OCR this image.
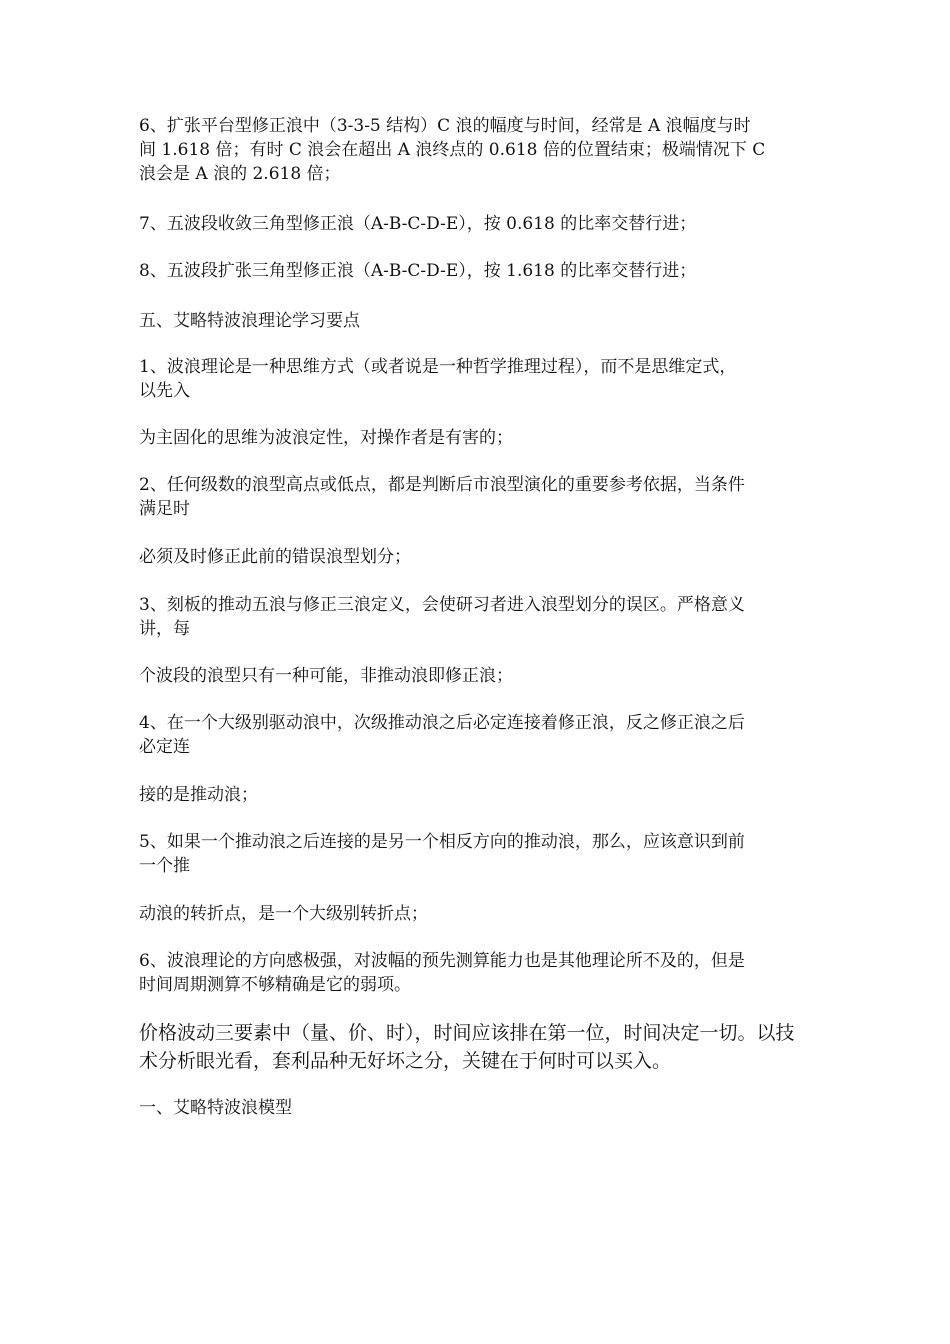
6、扩张平台型修正浪中（3-3-5 结构）C 浪的幅度与时间，经常是 A 浪幅度与时
间 1.618 倍；有时 C 浪会在超出 A 浪终点的 0.618 倍的位置结束；极端情况下 C
浪会是 A 浪的 2.618 倍；

7、五波段收敛三角型修正浪（A-B-C-D-E），按 0.618 的比率交替行进；

8、五波段扩张三角型修正浪（A-B-C-D-E），按 1.618 的比率交替行进；

五、艾略特波浪理论学习要点

1、波浪理论是一种思维方式（或者说是一种哲学推理过程），而不是思维定式，
以先入

为主固化的思维为波浪定性，对操作者是有害的；

2、任何级数的浪型高点或低点，都是判断后市浪型演化的重要参考依据，当条件
满足时

必须及时修正此前的错误浪型划分；

3、刻板的推动五浪与修正三浪定义，会使研习者进入浪型划分的误区。严格意义
讲，每

个波段的浪型只有一种可能，非推动浪即修正浪；

4、在一个大级别驱动浪中，次级推动浪之后必定连接着修正浪，反之修正浪之后
必定连

接的是推动浪；

5、如果一个推动浪之后连接的是另一个相反方向的推动浪，那么，应该意识到前
一个推

动浪的转折点，是一个大级别转折点；

6、波浪理论的方向感极强，对波幅的预先测算能力也是其他理论所不及的，但是
时间周期测算不够精确是它的弱项。

价格波动三要素中（量、价、时），时间应该排在第一位，时间决定一切。以技
术分析眼光看，套利品种无好坏之分，关键在于何时可以买入。

一、艾略特波浪模型
